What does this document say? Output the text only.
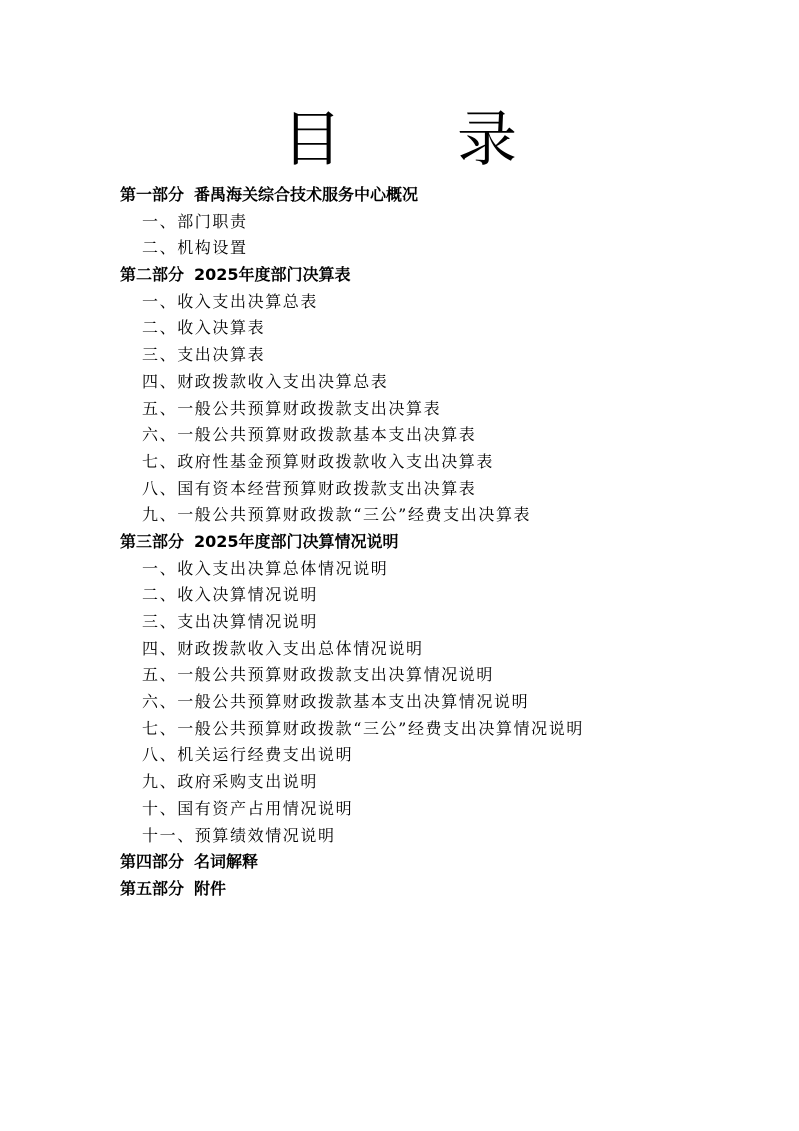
目 录
第一部分 番禺海关综合技术服务中心概况
一、部门职责
二、机构设置
第二部分 2025年度部门决算表
一、收入支出决算总表
二、收入决算表
三、支出决算表
四、财政拨款收入支出决算总表
五、一般公共预算财政拨款支出决算表
六、一般公共预算财政拨款基本支出决算表
七、政府性基金预算财政拨款收入支出决算表
八、国有资本经营预算财政拨款支出决算表
九、一般公共预算财政拨款“三公”经费支出决算表
第三部分 2025年度部门决算情况说明
一、收入支出决算总体情况说明
二、收入决算情况说明
三、支出决算情况说明
四、财政拨款收入支出总体情况说明
五、一般公共预算财政拨款支出决算情况说明
六、一般公共预算财政拨款基本支出决算情况说明
七、一般公共预算财政拨款“三公”经费支出决算情况说明
八、机关运行经费支出说明
九、政府采购支出说明
十、国有资产占用情况说明
十一、预算绩效情况说明
第四部分 名词解释
第五部分 附件
